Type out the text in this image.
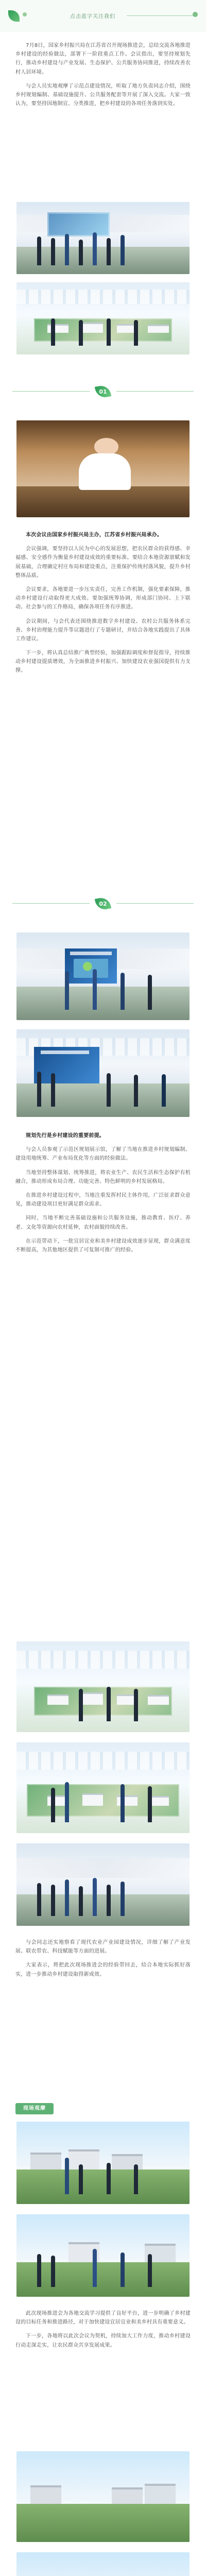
点击蓝字关注我们

7月8日，国家乡村振兴局在江苏省召开现场推进会，总结交流各地推进乡村建设的经验做法，部署下一阶段重点工作。会议指出，要坚持规划先行，推动乡村建设与产业发展、生态保护、公共服务协同推进，持续改善农村人居环境。

与会人员实地观摩了示范点建设情况，听取了地方负责同志介绍，围绕乡村规划编制、基础设施提升、公共服务配套等开展了深入交流。大家一致认为，要坚持因地制宜、分类推进，把乡村建设的各项任务落到实处。

01

本次会议由国家乡村振兴局主办，江苏省乡村振兴局承办。

会议强调，要坚持以人民为中心的发展思想，把农民群众的获得感、幸福感、安全感作为衡量乡村建设成效的重要标准。要结合本地资源禀赋和发展基础，合理确定村庄布局和建设重点，注重保护传统村落风貌，提升乡村整体品质。

会议要求，各地要进一步压实责任，完善工作机制，强化要素保障，推动乡村建设行动取得更大成效。要加强统筹协调，形成部门协同、上下联动、社会参与的工作格局，确保各项任务有序推进。

会议期间，与会代表还围绕推进数字乡村建设、农村公共服务体系完善、乡村治理能力提升等议题进行了专题研讨，并结合各地实践提出了具体工作建议。

下一步，将认真总结推广典型经验，加强跟踪调度和督促指导，持续推动乡村建设提质增效，为全面推进乡村振兴、加快建设农业强国提供有力支撑。

02

规划先行是乡村建设的重要前提。

与会人员参观了示范区规划展示馆，了解了当地在推进乡村规划编制、建设用地统筹、产业布局优化等方面的经验做法。

当地坚持整体谋划、统筹推进，将农业生产、农民生活和生态保护有机融合，推动形成布局合理、功能完善、特色鲜明的乡村发展格局。

在推进乡村建设过程中，当地注重发挥村民主体作用，广泛征求群众意见，推动建设项目更好满足群众需求。

同时，当地不断完善基础设施和公共服务设施，推动教育、医疗、养老、文化等资源向农村延伸，农村面貌持续改善。

在示范带动下，一批宜居宜业和美乡村建设成效逐步显现，群众满意度不断提高，为其他地区提供了可复制可推广的经验。

与会同志还实地察看了现代农业产业园建设情况，详细了解了产业发展、联农带农、科技赋能等方面的进展。

大家表示，将把此次现场推进会的经验带回去，结合本地实际抓好落实，进一步推动乡村建设取得新成效。

现场观摩

此次现场推进会为各地交流学习提供了良好平台，进一步明确了乡村建设的目标任务和推进路径，对于加快建设宜居宜业和美乡村具有重要意义。

下一步，各地将以此次会议为契机，持续加大工作力度，推动乡村建设行动走深走实，让农民群众共享发展成果。
